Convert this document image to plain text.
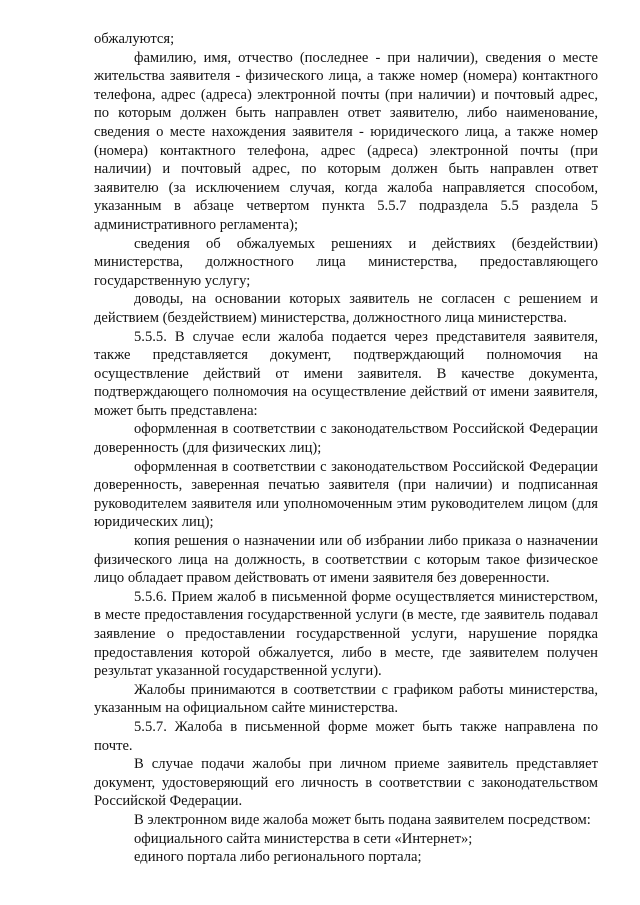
обжалуются;

фамилию, имя, отчество (последнее - при наличии), сведения о месте жительства заявителя - физического лица, а также номер (номера) контактного телефона, адрес (адреса) электронной почты (при наличии) и почтовый адрес, по которым должен быть направлен ответ заявителю, либо наименование, сведения о месте нахождения заявителя - юридического лица, а также номер (номера) контактного телефона, адрес (адреса) электронной почты (при наличии) и почтовый адрес, по которым должен быть направлен ответ заявителю (за исключением случая, когда жалоба направляется способом, указанным в абзаце четвертом пункта 5.5.7 подраздела 5.5 раздела 5 административного регламента);

сведения об обжалуемых решениях и действиях (бездействии) министерства, должностного лица министерства, предоставляющего государственную услугу;

доводы, на основании которых заявитель не согласен с решением и действием (бездействием) министерства, должностного лица министерства.

5.5.5. В случае если жалоба подается через представителя заявителя, также представляется документ, подтверждающий полномочия на осуществление действий от имени заявителя. В качестве документа, подтверждающего полномочия на осуществление действий от имени заявителя, может быть представлена:

оформленная в соответствии с законодательством Российской Федерации доверенность (для физических лиц);

оформленная в соответствии с законодательством Российской Федерации доверенность, заверенная печатью заявителя (при наличии) и подписанная руководителем заявителя или уполномоченным этим руководителем лицом (для юридических лиц);

копия решения о назначении или об избрании либо приказа о назначении физического лица на должность, в соответствии с которым такое физическое лицо обладает правом действовать от имени заявителя без доверенности.

5.5.6. Прием жалоб в письменной форме осуществляется министерством, в месте предоставления государственной услуги (в месте, где заявитель подавал заявление о предоставлении государственной услуги, нарушение порядка предоставления которой обжалуется, либо в месте, где заявителем получен результат указанной государственной услуги).

Жалобы принимаются в соответствии с графиком работы министерства, указанным на официальном сайте министерства.

5.5.7. Жалоба в письменной форме может быть также направлена по почте.

В случае подачи жалобы при личном приеме заявитель представляет документ, удостоверяющий его личность в соответствии с законодательством Российской Федерации.

В электронном виде жалоба может быть подана заявителем посредством:

официального сайта министерства в сети «Интернет»;

единого портала либо регионального портала;
